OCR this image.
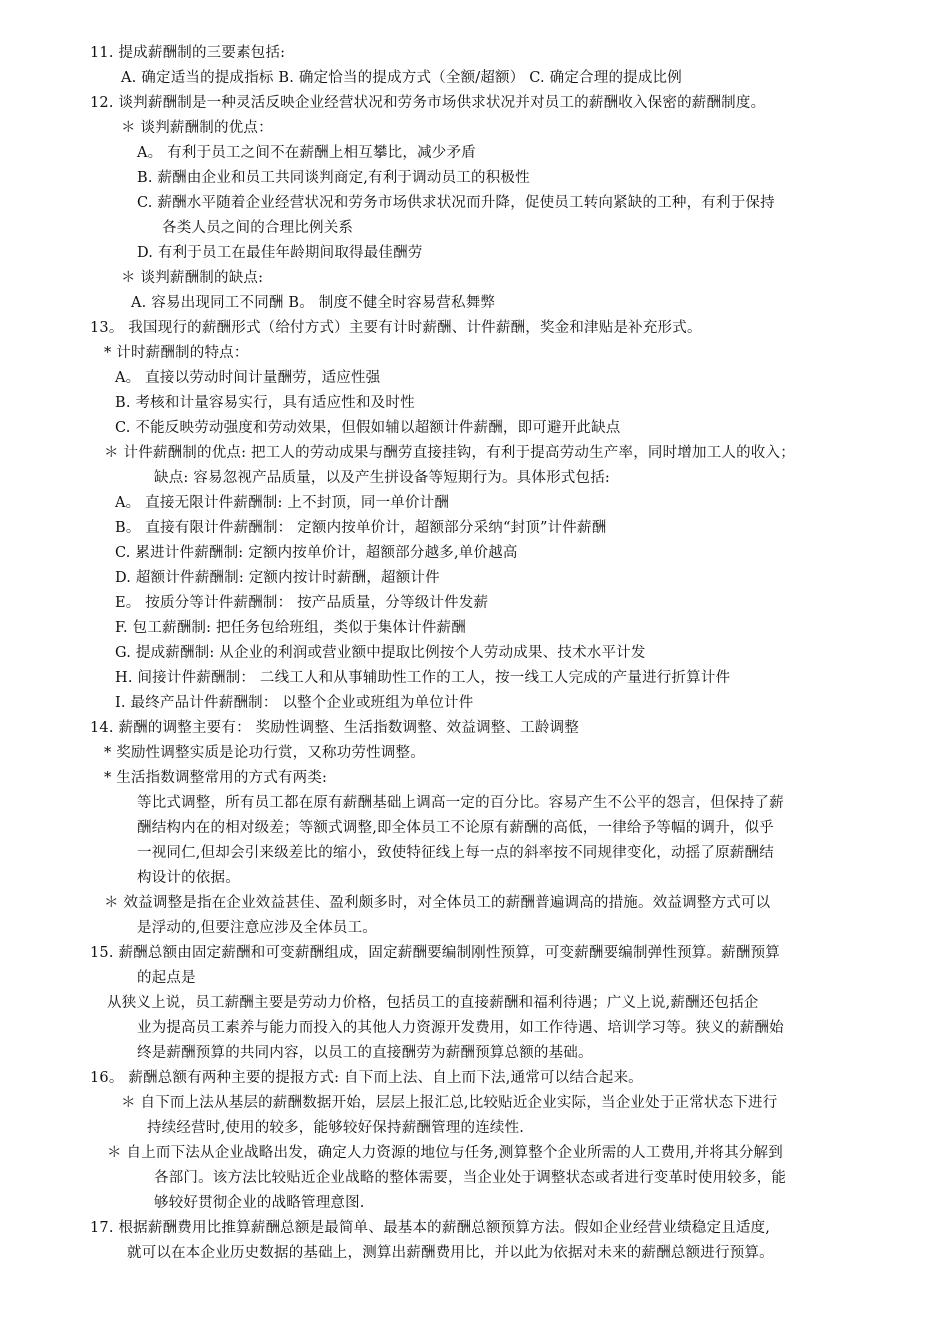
11. 提成薪酬制的三要素包括:
A. 确定适当的提成指标 B. 确定恰当的提成方式（全额/超额） C. 确定合理的提成比例
12. 谈判薪酬制是一种灵活反映企业经营状况和劳务市场供求状况并对员工的薪酬收入保密的薪酬制度。
＊ 谈判薪酬制的优点：
A。 有利于员工之间不在薪酬上相互攀比，减少矛盾
B. 薪酬由企业和员工共同谈判商定,有利于调动员工的积极性
C. 薪酬水平随着企业经营状况和劳务市场供求状况而升降，促使员工转向紧缺的工种，有利于保持
各类人员之间的合理比例关系
D. 有利于员工在最佳年龄期间取得最佳酬劳
＊ 谈判薪酬制的缺点:
A. 容易出现同工不同酬 B。 制度不健全时容易营私舞弊
13。 我国现行的薪酬形式（给付方式）主要有计时薪酬、计件薪酬，奖金和津贴是补充形式。
* 计时薪酬制的特点：
A。 直接以劳动时间计量酬劳，适应性强
B. 考核和计量容易实行，具有适应性和及时性
C. 不能反映劳动强度和劳动效果，但假如辅以超额计件薪酬，即可避开此缺点
＊ 计件薪酬制的优点: 把工人的劳动成果与酬劳直接挂钩，有利于提高劳动生产率，同时增加工人的收入；
缺点: 容易忽视产品质量，以及产生拼设备等短期行为。具体形式包括:
A。 直接无限计件薪酬制: 上不封顶，同一单价计酬
B。 直接有限计件薪酬制： 定额内按单价计，超额部分采纳“封顶”计件薪酬
C. 累进计件薪酬制: 定额内按单价计，超额部分越多,单价越高
D. 超额计件薪酬制: 定额内按计时薪酬，超额计件
E。 按质分等计件薪酬制： 按产品质量，分等级计件发薪
F. 包工薪酬制: 把任务包给班组，类似于集体计件薪酬
G. 提成薪酬制: 从企业的利润或营业额中提取比例按个人劳动成果、技术水平计发
H. 间接计件薪酬制： 二线工人和从事辅助性工作的工人，按一线工人完成的产量进行折算计件
I. 最终产品计件薪酬制： 以整个企业或班组为单位计件
14. 薪酬的调整主要有： 奖励性调整、生活指数调整、效益调整、工龄调整
* 奖励性调整实质是论功行赏，又称功劳性调整。
* 生活指数调整常用的方式有两类:
等比式调整，所有员工都在原有薪酬基础上调高一定的百分比。容易产生不公平的怨言，但保持了薪
酬结构内在的相对级差；等额式调整,即全体员工不论原有薪酬的高低，一律给予等幅的调升，似乎
一视同仁,但却会引来级差比的缩小，致使特征线上每一点的斜率按不同规律变化，动摇了原薪酬结
构设计的依据。
＊ 效益调整是指在企业效益甚佳、盈利颇多时，对全体员工的薪酬普遍调高的措施。效益调整方式可以
是浮动的,但要注意应涉及全体员工。
15. 薪酬总额由固定薪酬和可变薪酬组成，固定薪酬要编制刚性预算，可变薪酬要编制弹性预算。薪酬预算
的起点是
从狭义上说，员工薪酬主要是劳动力价格，包括员工的直接薪酬和福利待遇；广义上说,薪酬还包括企
业为提高员工素养与能力而投入的其他人力资源开发费用，如工作待遇、培训学习等。狭义的薪酬始
终是薪酬预算的共同内容，以员工的直接酬劳为薪酬预算总额的基础。
16。 薪酬总额有两种主要的提报方式: 自下而上法、自上而下法,通常可以结合起来。
＊ 自下而上法从基层的薪酬数据开始，层层上报汇总,比较贴近企业实际，当企业处于正常状态下进行
持续经营时,使用的较多，能够较好保持薪酬管理的连续性.
＊ 自上而下法从企业战略出发，确定人力资源的地位与任务,测算整个企业所需的人工费用,并将其分解到
各部门。该方法比较贴近企业战略的整体需要，当企业处于调整状态或者进行变革时使用较多，能
够较好贯彻企业的战略管理意图.
17. 根据薪酬费用比推算薪酬总额是最简单、最基本的薪酬总额预算方法。假如企业经营业绩稳定且适度,
就可以在本企业历史数据的基础上，测算出薪酬费用比，并以此为依据对未来的薪酬总额进行预算。
